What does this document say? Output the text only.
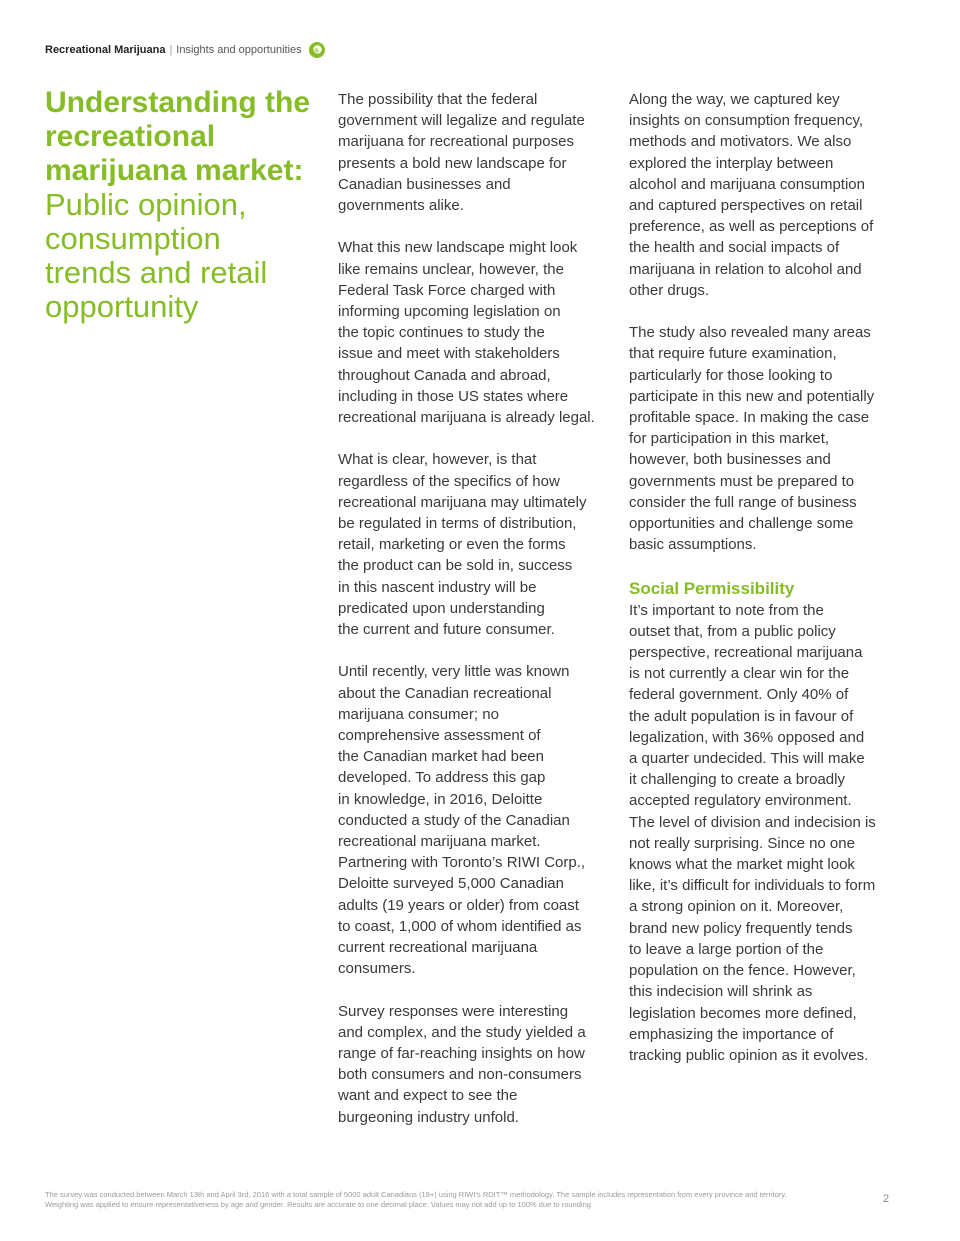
Recreational Marijuana | Insights and opportunities

Understanding the recreational marijuana market:

Public opinion, consumption trends and retail opportunity

The possibility that the federal
government will legalize and regulate
marijuana for recreational purposes
presents a bold new landscape for
Canadian businesses and
governments alike.

What this new landscape might look
like remains unclear, however, the
Federal Task Force charged with
informing upcoming legislation on
the topic continues to study the
issue and meet with stakeholders
throughout Canada and abroad,
including in those US states where
recreational marijuana is already legal.

What is clear, however, is that
regardless of the specifics of how
recreational marijuana may ultimately
be regulated in terms of distribution,
retail, marketing or even the forms
the product can be sold in, success
in this nascent industry will be
predicated upon understanding
the current and future consumer.

Until recently, very little was known
about the Canadian recreational
marijuana consumer; no
comprehensive assessment of
the Canadian market had been
developed. To address this gap
in knowledge, in 2016, Deloitte
conducted a study of the Canadian
recreational marijuana market.
Partnering with Toronto’s RIWI Corp.,
Deloitte surveyed 5,000 Canadian
adults (19 years or older) from coast
to coast, 1,000 of whom identified as
current recreational marijuana
consumers.

Survey responses were interesting
and complex, and the study yielded a
range of far-reaching insights on how
both consumers and non-consumers
want and expect to see the
burgeoning industry unfold.

Along the way, we captured key
insights on consumption frequency,
methods and motivators. We also
explored the interplay between
alcohol and marijuana consumption
and captured perspectives on retail
preference, as well as perceptions of
the health and social impacts of
marijuana in relation to alcohol and
other drugs.

The study also revealed many areas
that require future examination,
particularly for those looking to
participate in this new and potentially
profitable space. In making the case
for participation in this market,
however, both businesses and
governments must be prepared to
consider the full range of business
opportunities and challenge some
basic assumptions.

Social Permissibility

It’s important to note from the
outset that, from a public policy
perspective, recreational marijuana
is not currently a clear win for the
federal government. Only 40% of
the adult population is in favour of
legalization, with 36% opposed and
a quarter undecided. This will make
it challenging to create a broadly
accepted regulatory environment.
The level of division and indecision is
not really surprising. Since no one
knows what the market might look
like, it’s difficult for individuals to form
a strong opinion on it. Moreover,
brand new policy frequently tends
to leave a large portion of the
population on the fence. However,
this indecision will shrink as
legislation becomes more defined,
emphasizing the importance of
tracking public opinion as it evolves.

The survey was conducted between March 13th and April 3rd, 2016 with a total sample of 5000 adult Canadians (19+) using RIWI’s RDIT™ methodology. The sample includes representation from every province and territory. Weighting was applied to ensure representativeness by age and gender. Results are accurate to one decimal place. Values may not add up to 100% due to rounding.	2
